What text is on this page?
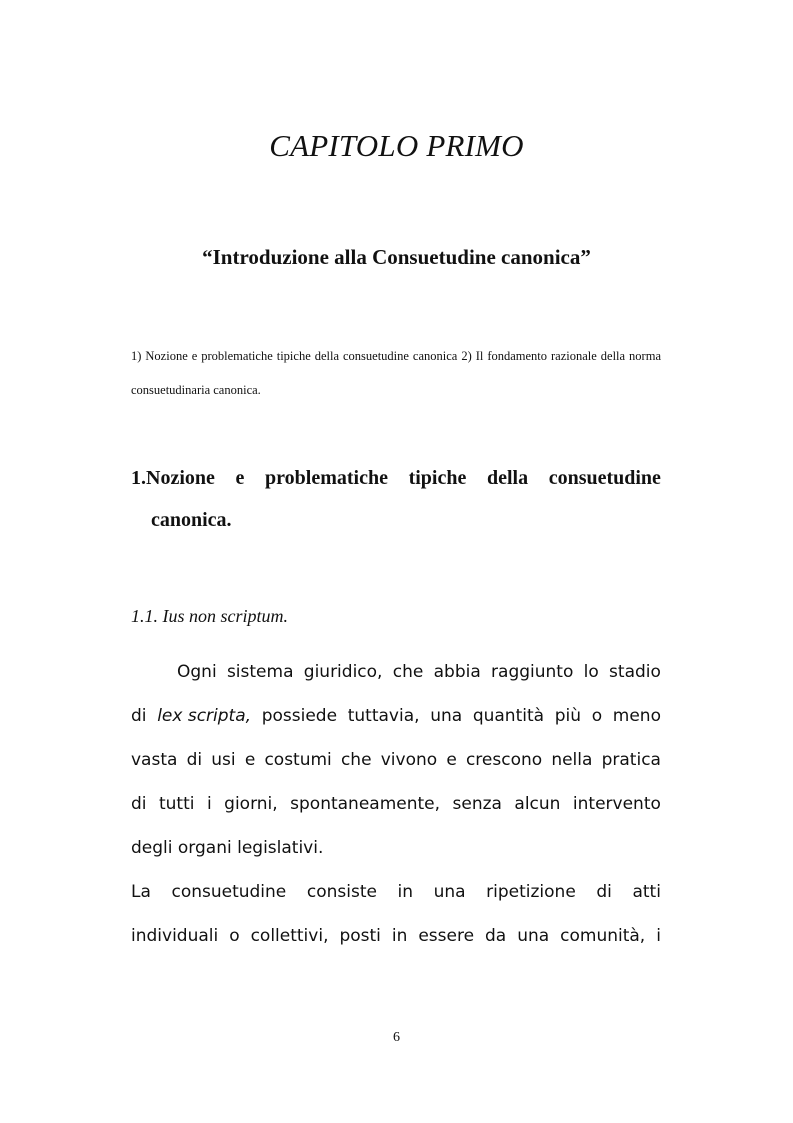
CAPITOLO PRIMO
“Introduzione alla Consuetudine canonica”

1) Nozione e problematiche tipiche della consuetudine canonica 2) Il fondamento razionale della norma consuetudinaria canonica.

1.Nozione e problematiche tipiche della consuetudine
canonica.

1.1. Ius non scriptum.

Ogni sistema giuridico, che abbia raggiunto lo stadio
di lex scripta, possiede tuttavia, una quantità più o meno
vasta di usi e costumi che vivono e crescono nella pratica
di tutti i giorni, spontaneamente, senza alcun intervento
degli organi legislativi.
La consuetudine consiste in una ripetizione di atti
individuali o collettivi, posti in essere da una comunità, i

6
